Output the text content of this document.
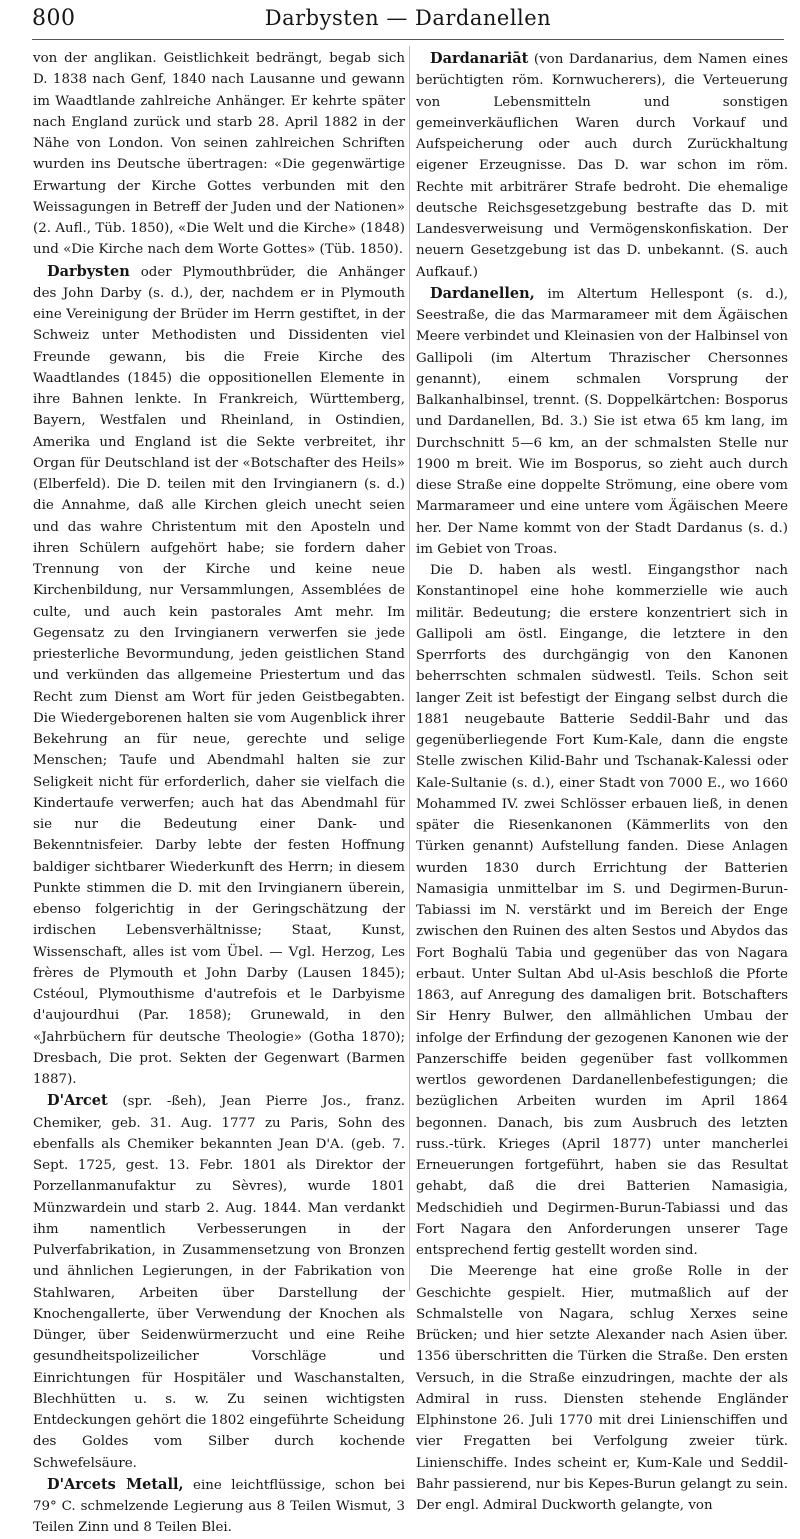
800	Darbysten — Dardanellen

von der anglikan. Geistlichkeit bedrängt, begab sich D. 1838 nach Genf, 1840 nach Lausanne und gewann im Waadtlande zahlreiche Anhänger. Er kehrte später nach England zurück und starb 28. April 1882 in der Nähe von London. Von seinen zahlreichen Schriften wurden ins Deutsche übertragen: «Die gegenwärtige Erwartung der Kirche Gottes verbunden mit den Weissagungen in Betreff der Juden und der Nationen» (2. Aufl., Tüb. 1850), «Die Welt und die Kirche» (1848) und «Die Kirche nach dem Worte Gottes» (Tüb. 1850).

Darbysten oder Plymouthbrüder, die Anhänger des John Darby (s. d.), der, nachdem er in Plymouth eine Vereinigung der Brüder im Herrn gestiftet, in der Schweiz unter Methodisten und Dissidenten viel Freunde gewann, bis die Freie Kirche des Waadtlandes (1845) die oppositionellen Elemente in ihre Bahnen lenkte. In Frankreich, Württemberg, Bayern, Westfalen und Rheinland, in Ostindien, Amerika und England ist die Sekte verbreitet, ihr Organ für Deutschland ist der «Botschafter des Heils» (Elberfeld). Die D. teilen mit den Irvingianern (s. d.) die Annahme, daß alle Kirchen gleich unecht seien und das wahre Christentum mit den Aposteln und ihren Schülern aufgehört habe; sie fordern daher Trennung von der Kirche und keine neue Kirchenbildung, nur Versammlungen, Assemblées de culte, und auch kein pastorales Amt mehr. Im Gegensatz zu den Irvingianern verwerfen sie jede priesterliche Bevormundung, jeden geistlichen Stand und verkünden das allgemeine Priestertum und das Recht zum Dienst am Wort für jeden Geistbegabten. Die Wiedergeborenen halten sie vom Augenblick ihrer Bekehrung an für neue, gerechte und selige Menschen; Taufe und Abendmahl halten sie zur Seligkeit nicht für erforderlich, daher sie vielfach die Kindertaufe verwerfen; auch hat das Abendmahl für sie nur die Bedeutung einer Dank- und Bekenntnisfeier. Darby lebte der festen Hoffnung baldiger sichtbarer Wiederkunft des Herrn; in diesem Punkte stimmen die D. mit den Irvingianern überein, ebenso folgerichtig in der Geringschätzung der irdischen Lebensverhältnisse; Staat, Kunst, Wissenschaft, alles ist vom Übel. — Vgl. Herzog, Les frères de Plymouth et John Darby (Lausen 1845); Cstéoul, Plymouthisme d'autrefois et le Darbyisme d'aujourdhui (Par. 1858); Grunewald, in den «Jahrbüchern für deutsche Theologie» (Gotha 1870); Dresbach, Die prot. Sekten der Gegenwart (Barmen 1887).

D'Arcet (spr. -ßeh), Jean Pierre Jos., franz. Chemiker, geb. 31. Aug. 1777 zu Paris, Sohn des ebenfalls als Chemiker bekannten Jean D'A. (geb. 7. Sept. 1725, gest. 13. Febr. 1801 als Direktor der Porzellanmanufaktur zu Sèvres), wurde 1801 Münzwardein und starb 2. Aug. 1844. Man verdankt ihm namentlich Verbesserungen in der Pulverfabrikation, in Zusammensetzung von Bronzen und ähnlichen Legierungen, in der Fabrikation von Stahlwaren, Arbeiten über Darstellung der Knochengallerte, über Verwendung der Knochen als Dünger, über Seidenwürmerzucht und eine Reihe gesundheitspolizeilicher Vorschläge und Einrichtungen für Hospitäler und Waschanstalten, Blechhütten u. s. w. Zu seinen wichtigsten Entdeckungen gehört die 1802 eingeführte Scheidung des Goldes vom Silber durch kochende Schwefelsäure.

D'Arcets Metall, eine leichtflüssige, schon bei 79° C. schmelzende Legierung aus 8 Teilen Wismut, 3 Teilen Zinn und 8 Teilen Blei.

Dardanariāt (von Dardanarius, dem Namen eines berüchtigten röm. Kornwucherers), die Verteuerung von Lebensmitteln und sonstigen gemeinverkäuflichen Waren durch Vorkauf und Aufspeicherung oder auch durch Zurückhaltung eigener Erzeugnisse. Das D. war schon im röm. Rechte mit arbiträrer Strafe bedroht. Die ehemalige deutsche Reichsgesetzgebung bestrafte das D. mit Landesverweisung und Vermögenskonfiskation. Der neuern Gesetzgebung ist das D. unbekannt. (S. auch Aufkauf.)

Dardanellen, im Altertum Hellespont (s. d.), Seestraße, die das Marmarameer mit dem Ägäischen Meere verbindet und Kleinasien von der Halbinsel von Gallipoli (im Altertum Thrazischer Chersonnes genannt), einem schmalen Vorsprung der Balkanhalbinsel, trennt. (S. Doppelkärtchen: Bosporus und Dardanellen, Bd. 3.) Sie ist etwa 65 km lang, im Durchschnitt 5—6 km, an der schmalsten Stelle nur 1900 m breit. Wie im Bosporus, so zieht auch durch diese Straße eine doppelte Strömung, eine obere vom Marmarameer und eine untere vom Ägäischen Meere her. Der Name kommt von der Stadt Dardanus (s. d.) im Gebiet von Troas.

Die D. haben als westl. Eingangsthor nach Konstantinopel eine hohe kommerzielle wie auch militär. Bedeutung; die erstere konzentriert sich in Gallipoli am östl. Eingange, die letztere in den Sperrforts des durchgängig von den Kanonen beherrschten schmalen südwestl. Teils. Schon seit langer Zeit ist befestigt der Eingang selbst durch die 1881 neugebaute Batterie Seddil-Bahr und das gegenüberliegende Fort Kum-Kale, dann die engste Stelle zwischen Kilid-Bahr und Tschanak-Kalessi oder Kale-Sultanie (s. d.), einer Stadt von 7000 E., wo 1660 Mohammed IV. zwei Schlösser erbauen ließ, in denen später die Riesenkanonen (Kämmerlits von den Türken genannt) Aufstellung fanden. Diese Anlagen wurden 1830 durch Errichtung der Batterien Namasigia unmittelbar im S. und Degirmen-Burun-Tabiassi im N. verstärkt und im Bereich der Enge zwischen den Ruinen des alten Sestos und Abydos das Fort Boghalü Tabia und gegenüber das von Nagara erbaut. Unter Sultan Abd ul-Asis beschloß die Pforte 1863, auf Anregung des damaligen brit. Botschafters Sir Henry Bulwer, den allmählichen Umbau der infolge der Erfindung der gezogenen Kanonen wie der Panzerschiffe beiden gegenüber fast vollkommen wertlos gewordenen Dardanellenbefestigungen; die bezüglichen Arbeiten wurden im April 1864 begonnen. Danach, bis zum Ausbruch des letzten russ.-türk. Krieges (April 1877) unter mancherlei Erneuerungen fortgeführt, haben sie das Resultat gehabt, daß die drei Batterien Namasigia, Medschidieh und Degirmen-Burun-Tabiassi und das Fort Nagara den Anforderungen unserer Tage entsprechend fertig gestellt worden sind.

Die Meerenge hat eine große Rolle in der Geschichte gespielt. Hier, mutmaßlich auf der Schmalstelle von Nagara, schlug Xerxes seine Brücken; und hier setzte Alexander nach Asien über. 1356 überschritten die Türken die Straße. Den ersten Versuch, in die Straße einzudringen, machte der als Admiral in russ. Diensten stehende Engländer Elphinstone 26. Juli 1770 mit drei Linienschiffen und vier Fregatten bei Verfolgung zweier türk. Linienschiffe. Indes scheint er, Kum-Kale und Seddil-Bahr passierend, nur bis Kepes-Burun gelangt zu sein. Der engl. Admiral Duckworth gelangte, von
